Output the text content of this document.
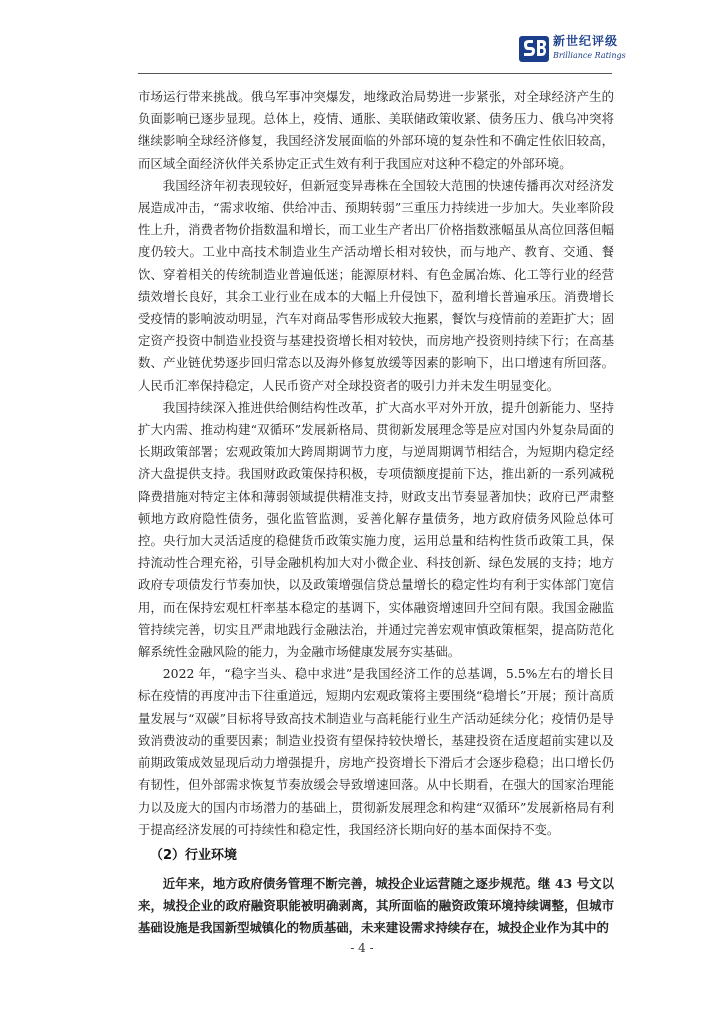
新世纪评级
Brilliance Ratings

市场运行带来挑战。俄乌军事冲突爆发，地缘政治局势进一步紧张，对全球经济产生的负面影响已逐步显现。总体上，疫情、通胀、美联储政策收紧、债务压力、俄乌冲突将继续影响全球经济修复，我国经济发展面临的外部环境的复杂性和不确定性依旧较高，而区域全面经济伙伴关系协定正式生效有利于我国应对这种不稳定的外部环境。

我国经济年初表现较好，但新冠变异毒株在全国较大范围的快速传播再次对经济发展造成冲击，“需求收缩、供给冲击、预期转弱”三重压力持续进一步加大。失业率阶段性上升，消费者物价指数温和增长，而工业生产者出厂价格指数涨幅虽从高位回落但幅度仍较大。工业中高技术制造业生产活动增长相对较快，而与地产、教育、交通、餐饮、穿着相关的传统制造业普遍低迷；能源原材料、有色金属冶炼、化工等行业的经营绩效增长良好，其余工业行业在成本的大幅上升侵蚀下，盈利增长普遍承压。消费增长受疫情的影响波动明显，汽车对商品零售形成较大拖累，餐饮与疫情前的差距扩大；固定资产投资中制造业投资与基建投资增长相对较快，而房地产投资则持续下行；在高基数、产业链优势逐步回归常态以及海外修复放缓等因素的影响下，出口增速有所回落。人民币汇率保持稳定，人民币资产对全球投资者的吸引力并未发生明显变化。

我国持续深入推进供给侧结构性改革，扩大高水平对外开放，提升创新能力、坚持扩大内需、推动构建“双循环”发展新格局、贯彻新发展理念等是应对国内外复杂局面的长期政策部署；宏观政策加大跨周期调节力度，与逆周期调节相结合，为短期内稳定经济大盘提供支持。我国财政政策保持积极，专项债额度提前下达，推出新的一系列减税降费措施对特定主体和薄弱领域提供精准支持，财政支出节奏显著加快；政府已严肃整顿地方政府隐性债务，强化监管监测，妥善化解存量债务，地方政府债务风险总体可控。央行加大灵活适度的稳健货币政策实施力度，运用总量和结构性货币政策工具，保持流动性合理充裕，引导金融机构加大对小微企业、科技创新、绿色发展的支持；地方政府专项债发行节奏加快，以及政策增强信贷总量增长的稳定性均有利于实体部门宽信用，而在保持宏观杠杆率基本稳定的基调下，实体融资增速回升空间有限。我国金融监管持续完善，切实且严肃地践行金融法治，并通过完善宏观审慎政策框架，提高防范化解系统性金融风险的能力，为金融市场健康发展夯实基础。

2022 年，“稳字当头、稳中求进”是我国经济工作的总基调，5.5%左右的增长目标在疫情的再度冲击下往重道远，短期内宏观政策将主要围绕“稳增长”开展；预计高质量发展与“双碳”目标将导致高技术制造业与高耗能行业生产活动延续分化；疫情仍是导致消费波动的重要因素；制造业投资有望保持较快增长，基建投资在适度超前实建以及前期政策成效显现后动力增强提升，房地产投资增长下滑后才会逐步稳稳；出口增长仍有韧性，但外部需求恢复节奏放缓会导致增速回落。从中长期看，在强大的国家治理能力以及庞大的国内市场潜力的基础上，贯彻新发展理念和构建“双循环”发展新格局有利于提高经济发展的可持续性和稳定性，我国经济长期向好的基本面保持不变。

（2）行业环境

近年来，地方政府债务管理不断完善，城投企业运营随之逐步规范。继 43 号文以来，城投企业的政府融资职能被明确剥离，其所面临的融资政策环境持续调整，但城市基础设施是我国新型城镇化的物质基础，未来建设需求持续存在，城投企业作为其中的

- 4 -
